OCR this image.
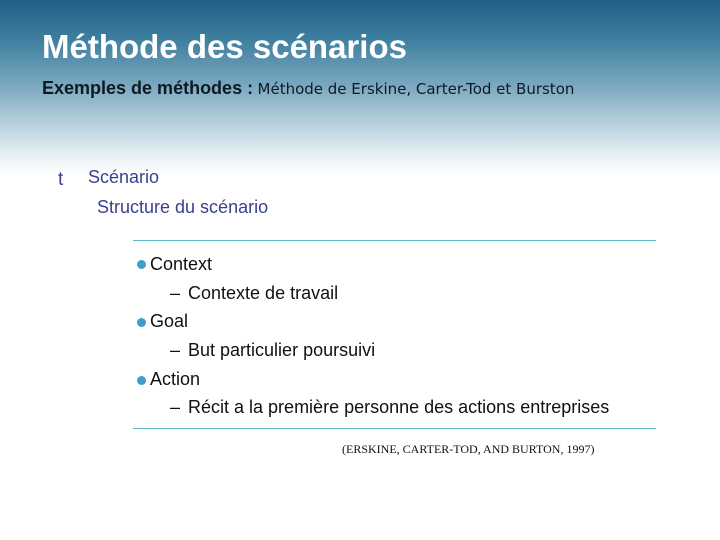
Méthode des scénarios

Exemples de méthodes : Méthode de Erskine, Carter-Tod et Burston

t Scénario
Structure du scénario
Context
– Contexte de travail
Goal
– But particulier poursuivi
Action
– Récit a la première personne des actions entreprises
(ERSKINE, CARTER-TOD, AND BURTON, 1997)
